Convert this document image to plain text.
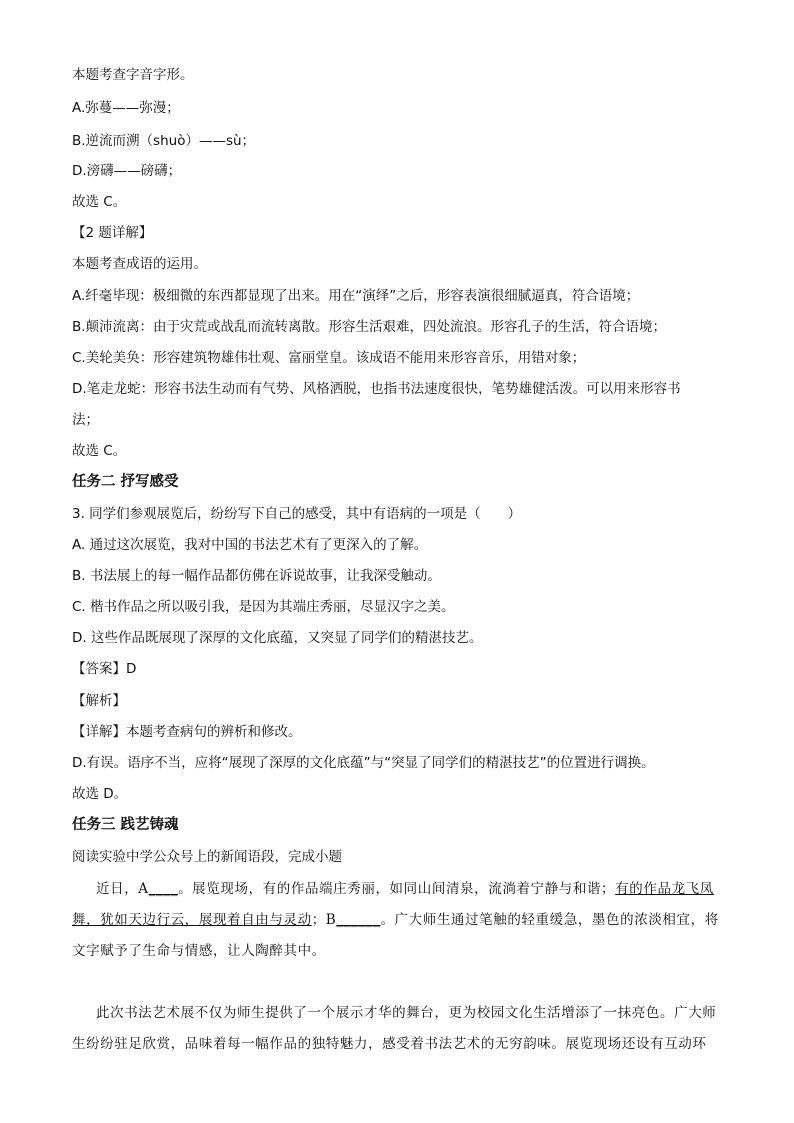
本题考查字音字形。
A.弥蔓——弥漫；
B.逆流而溯（shuò）——sù；
D.滂礴——磅礴；
故选 C。
【2 题详解】
本题考查成语的运用。
A.纤毫毕现：极细微的东西都显现了出来。用在“演绎”之后，形容表演很细腻逼真，符合语境；
B.颠沛流离：由于灾荒或战乱而流转离散。形容生活艰难，四处流浪。形容孔子的生活，符合语境；
C.美轮美奂：形容建筑物雄伟壮观、富丽堂皇。该成语不能用来形容音乐，用错对象；
D.笔走龙蛇：形容书法生动而有气势、风格洒脱，也指书法速度很快，笔势雄健活泼。可以用来形容书
法；
故选 C。
任务二 抒写感受
3. 同学们参观展览后，纷纷写下自己的感受，其中有语病的一项是（　　）
A. 通过这次展览，我对中国的书法艺术有了更深入的了解。
B. 书法展上的每一幅作品都仿佛在诉说故事，让我深受触动。
C. 楷书作品之所以吸引我，是因为其端庄秀丽，尽显汉字之美。
D. 这些作品既展现了深厚的文化底蕴，又突显了同学们的精湛技艺。
【答案】D
【解析】
【详解】本题考查病句的辨析和修改。
D.有误。语序不当，应将“展现了深厚的文化底蕴”与“突显了同学们的精湛技艺”的位置进行调换。
故选 D。
任务三 践艺铸魂
阅读实验中学公众号上的新闻语段，完成小题
近日，A____。展览现场，有的作品端庄秀丽，如同山间清泉，流淌着宁静与和谐；有的作品龙飞凤
舞，犹如天边行云，展现着自由与灵动；B______。广大师生通过笔触的轻重缓急，墨色的浓淡相宜，将
文字赋予了生命与情感，让人陶醉其中。
此次书法艺术展不仅为师生提供了一个展示才华的舞台，更为校园文化生活增添了一抹亮色。广大师
生纷纷驻足欣赏，品味着每一幅作品的独特魅力，感受着书法艺术的无穷韵味。展览现场还设有互动环
